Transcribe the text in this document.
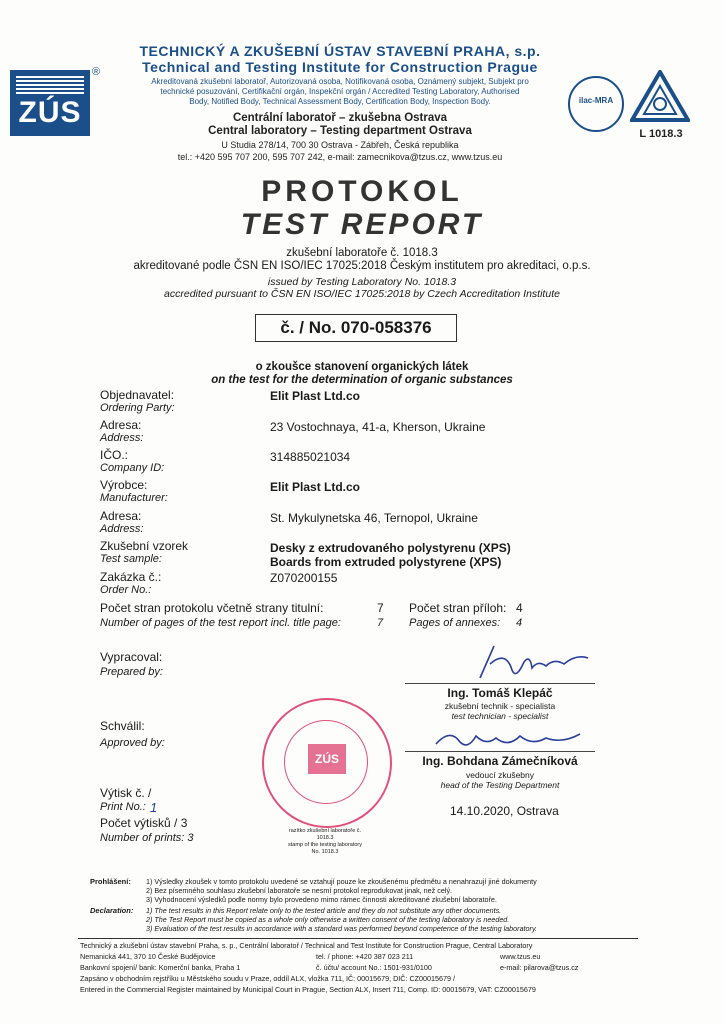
ZÚS
®
TECHNICKÝ A ZKUŠEBNÍ ÚSTAV STAVEBNÍ PRAHA, s.p.
Technical and Testing Institute for Construction Prague
Akreditovaná zkušební laboratoř, Autorizovaná osoba, Notifikovaná osoba, Oznámený subjekt, Subjekt pro
technické posuzování, Certifikační orgán, Inspekční orgán / Accredited Testing Laboratory, Authorised
Body, Notified Body, Technical Assessment Body, Certification Body, Inspection Body.
Centrální laboratoř – zkušebna Ostrava
Central laboratory – Testing department Ostrava
U Studia 278/14, 700 30 Ostrava - Zábřeh, Česká republika
tel.: +420 595 707 200, 595 707 242, e-mail: zamecnikova@tzus.cz, www.tzus.eu
ilac-MRA
L 1018.3
PROTOKOL
TEST REPORT
zkušební laboratoře č. 1018.3
akreditované podle ČSN EN ISO/IEC 17025:2018 Českým institutem pro akreditaci, o.p.s.
issued by Testing Laboratory No. 1018.3
accredited pursuant to ČSN EN ISO/IEC 17025:2018 by Czech Accreditation Institute
č. / No. 070-058376
o zkoušce stanovení organických látek
on the test for the determination of organic substances
Objednavatel:
Ordering Party:
Elit Plast Ltd.co
Adresa:
Address:
23 Vostochnaya, 41-a, Kherson, Ukraine
IČO.:
Company ID:
314885021034
Výrobce:
Manufacturer:
Elit Plast Ltd.co
Adresa:
Address:
St. Mykulynetska 46, Ternopol, Ukraine
Zkušební vzorek
Test sample:
Desky z extrudovaného polystyrenu (XPS)
Boards from extruded polystyrene (XPS)
Zakázka č.:
Order No.:
Z070200155
Počet stran protokolu včetně strany titulní:
Number of pages of the test report incl. title page:
7
7
Počet stran příloh:
Pages of annexes:
4
4
Vypracoval:
Prepared by:
Ing. Tomáš Klepáč
zkušební technik - specialista
test technician - specialist
Schválil:
Approved by:
Ing. Bohdana Zámečníková
vedoucí zkušebny
head of the Testing Department
14.10.2020, Ostrava
ZÚS
razítko zkušební laboratoře č. 1018.3
stamp of the testing laboratory No. 1018.3
Výtisk č. /
Print No.: 1
Počet výtisků / 3
Number of prints: 3
Prohlášení: 1) Výsledky zkoušek v tomto protokolu uvedené se vztahují pouze ke zkoušenému předmětu a nenahrazují jiné dokumenty
2) Bez písemného souhlasu zkušební laboratoře se nesmí protokol reprodukovat jinak, než celý.
3) Vyhodnocení výsledků podle normy bylo provedeno mimo rámec činnosti akreditované zkušební laboratoře.
Declaration: 1) The test results in this Report relate only to the tested article and they do not substitute any other documents.
2) The Test Report must be copied as a whole only otherwise a written consent of the testing laboratory is needed.
3) Evaluation of the test results in accordance with a standard was performed beyond competence of the testing laboratory.
Technický a zkušební ústav stavební Praha, s. p., Centrální laboratoř / Technical and Test Institute for Construction Prague, Central Laboratory
Nemanická 441, 370 10 České Budějovice	tel. / phone: +420 387 023 211	www.tzus.eu
Bankovní spojení/ bank: Komerční banka, Praha 1	č. účtu/ account No.: 1501-931/0100	e-mail: pilarova@tzus.cz
Zapsáno v obchodním rejstříku u Městského soudu v Praze, oddíl ALX, vložka 711, IČ: 00015679, DIČ: CZ00015679 /
Entered in the Commercial Register maintained by Municipal Court in Prague, Section ALX, Insert 711, Comp. ID: 00015679, VAT: CZ00015679
